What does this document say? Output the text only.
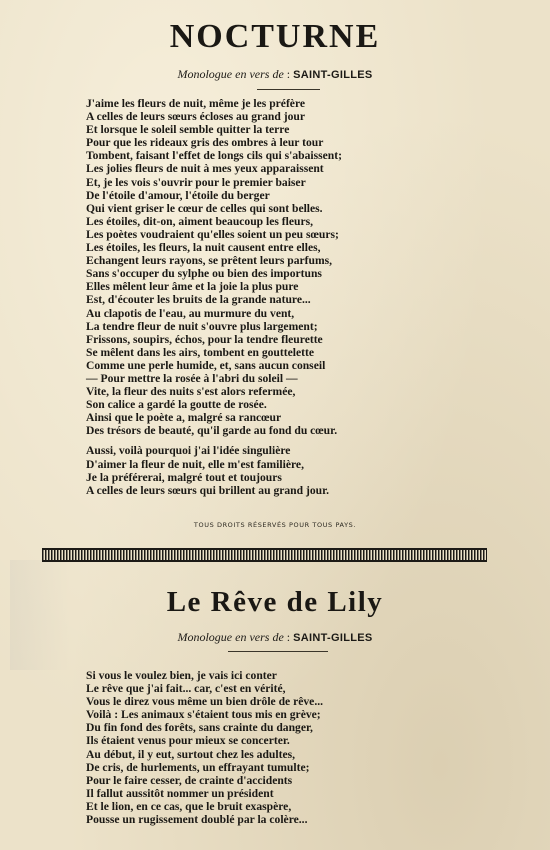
NOCTURNE
Monologue en vers de : SAINT-GILLES
J'aime les fleurs de nuit, même je les préfère
A celles de leurs sœurs écloses au grand jour
Et lorsque le soleil semble quitter la terre
Pour que les rideaux gris des ombres à leur tour
Tombent, faisant l'effet de longs cils qui s'abaissent;
Les jolies fleurs de nuit à mes yeux apparaissent
Et, je les vois s'ouvrir pour le premier baiser
De l'étoile d'amour, l'étoile du berger
Qui vient griser le cœur de celles qui sont belles.
Les étoiles, dit-on, aiment beaucoup les fleurs,
Les poètes voudraient qu'elles soient un peu sœurs;
Les étoiles, les fleurs, la nuit causent entre elles,
Echangent leurs rayons, se prêtent leurs parfums,
Sans s'occuper du sylphe ou bien des importuns
Elles mêlent leur âme et la joie la plus pure
Est, d'écouter les bruits de la grande nature...
Au clapotis de l'eau, au murmure du vent,
La tendre fleur de nuit s'ouvre plus largement;
Frissons, soupirs, échos, pour la tendre fleurette
Se mêlent dans les airs, tombent en gouttelette
Comme une perle humide, et, sans aucun conseil
— Pour mettre la rosée à l'abri du soleil —
Vite, la fleur des nuits s'est alors refermée,
Son calice a gardé la goutte de rosée.
Ainsi que le poète a, malgré sa rancœur
Des trésors de beauté, qu'il garde au fond du cœur.
Aussi, voilà pourquoi j'ai l'idée singulière
D'aimer la fleur de nuit, elle m'est familière,
Je la préférerai, malgré tout et toujours
A celles de leurs sœurs qui brillent au grand jour.
TOUS DROITS RÉSERVÉS POUR TOUS PAYS.
Le Rêve de Lily
Monologue en vers de : SAINT-GILLES
Si vous le voulez bien, je vais ici conter
Le rêve que j'ai fait... car, c'est en vérité,
Vous le direz vous même un bien drôle de rêve...
Voilà : Les animaux s'étaient tous mis en grève;
Du fin fond des forêts, sans crainte du danger,
Ils étaient venus pour mieux se concerter.
Au début, il y eut, surtout chez les adultes,
De cris, de hurlements, un effrayant tumulte;
Pour le faire cesser, de crainte d'accidents
Il fallut aussitôt nommer un président
Et le lion, en ce cas, que le bruit exaspère,
Pousse un rugissement doublé par la colère...
